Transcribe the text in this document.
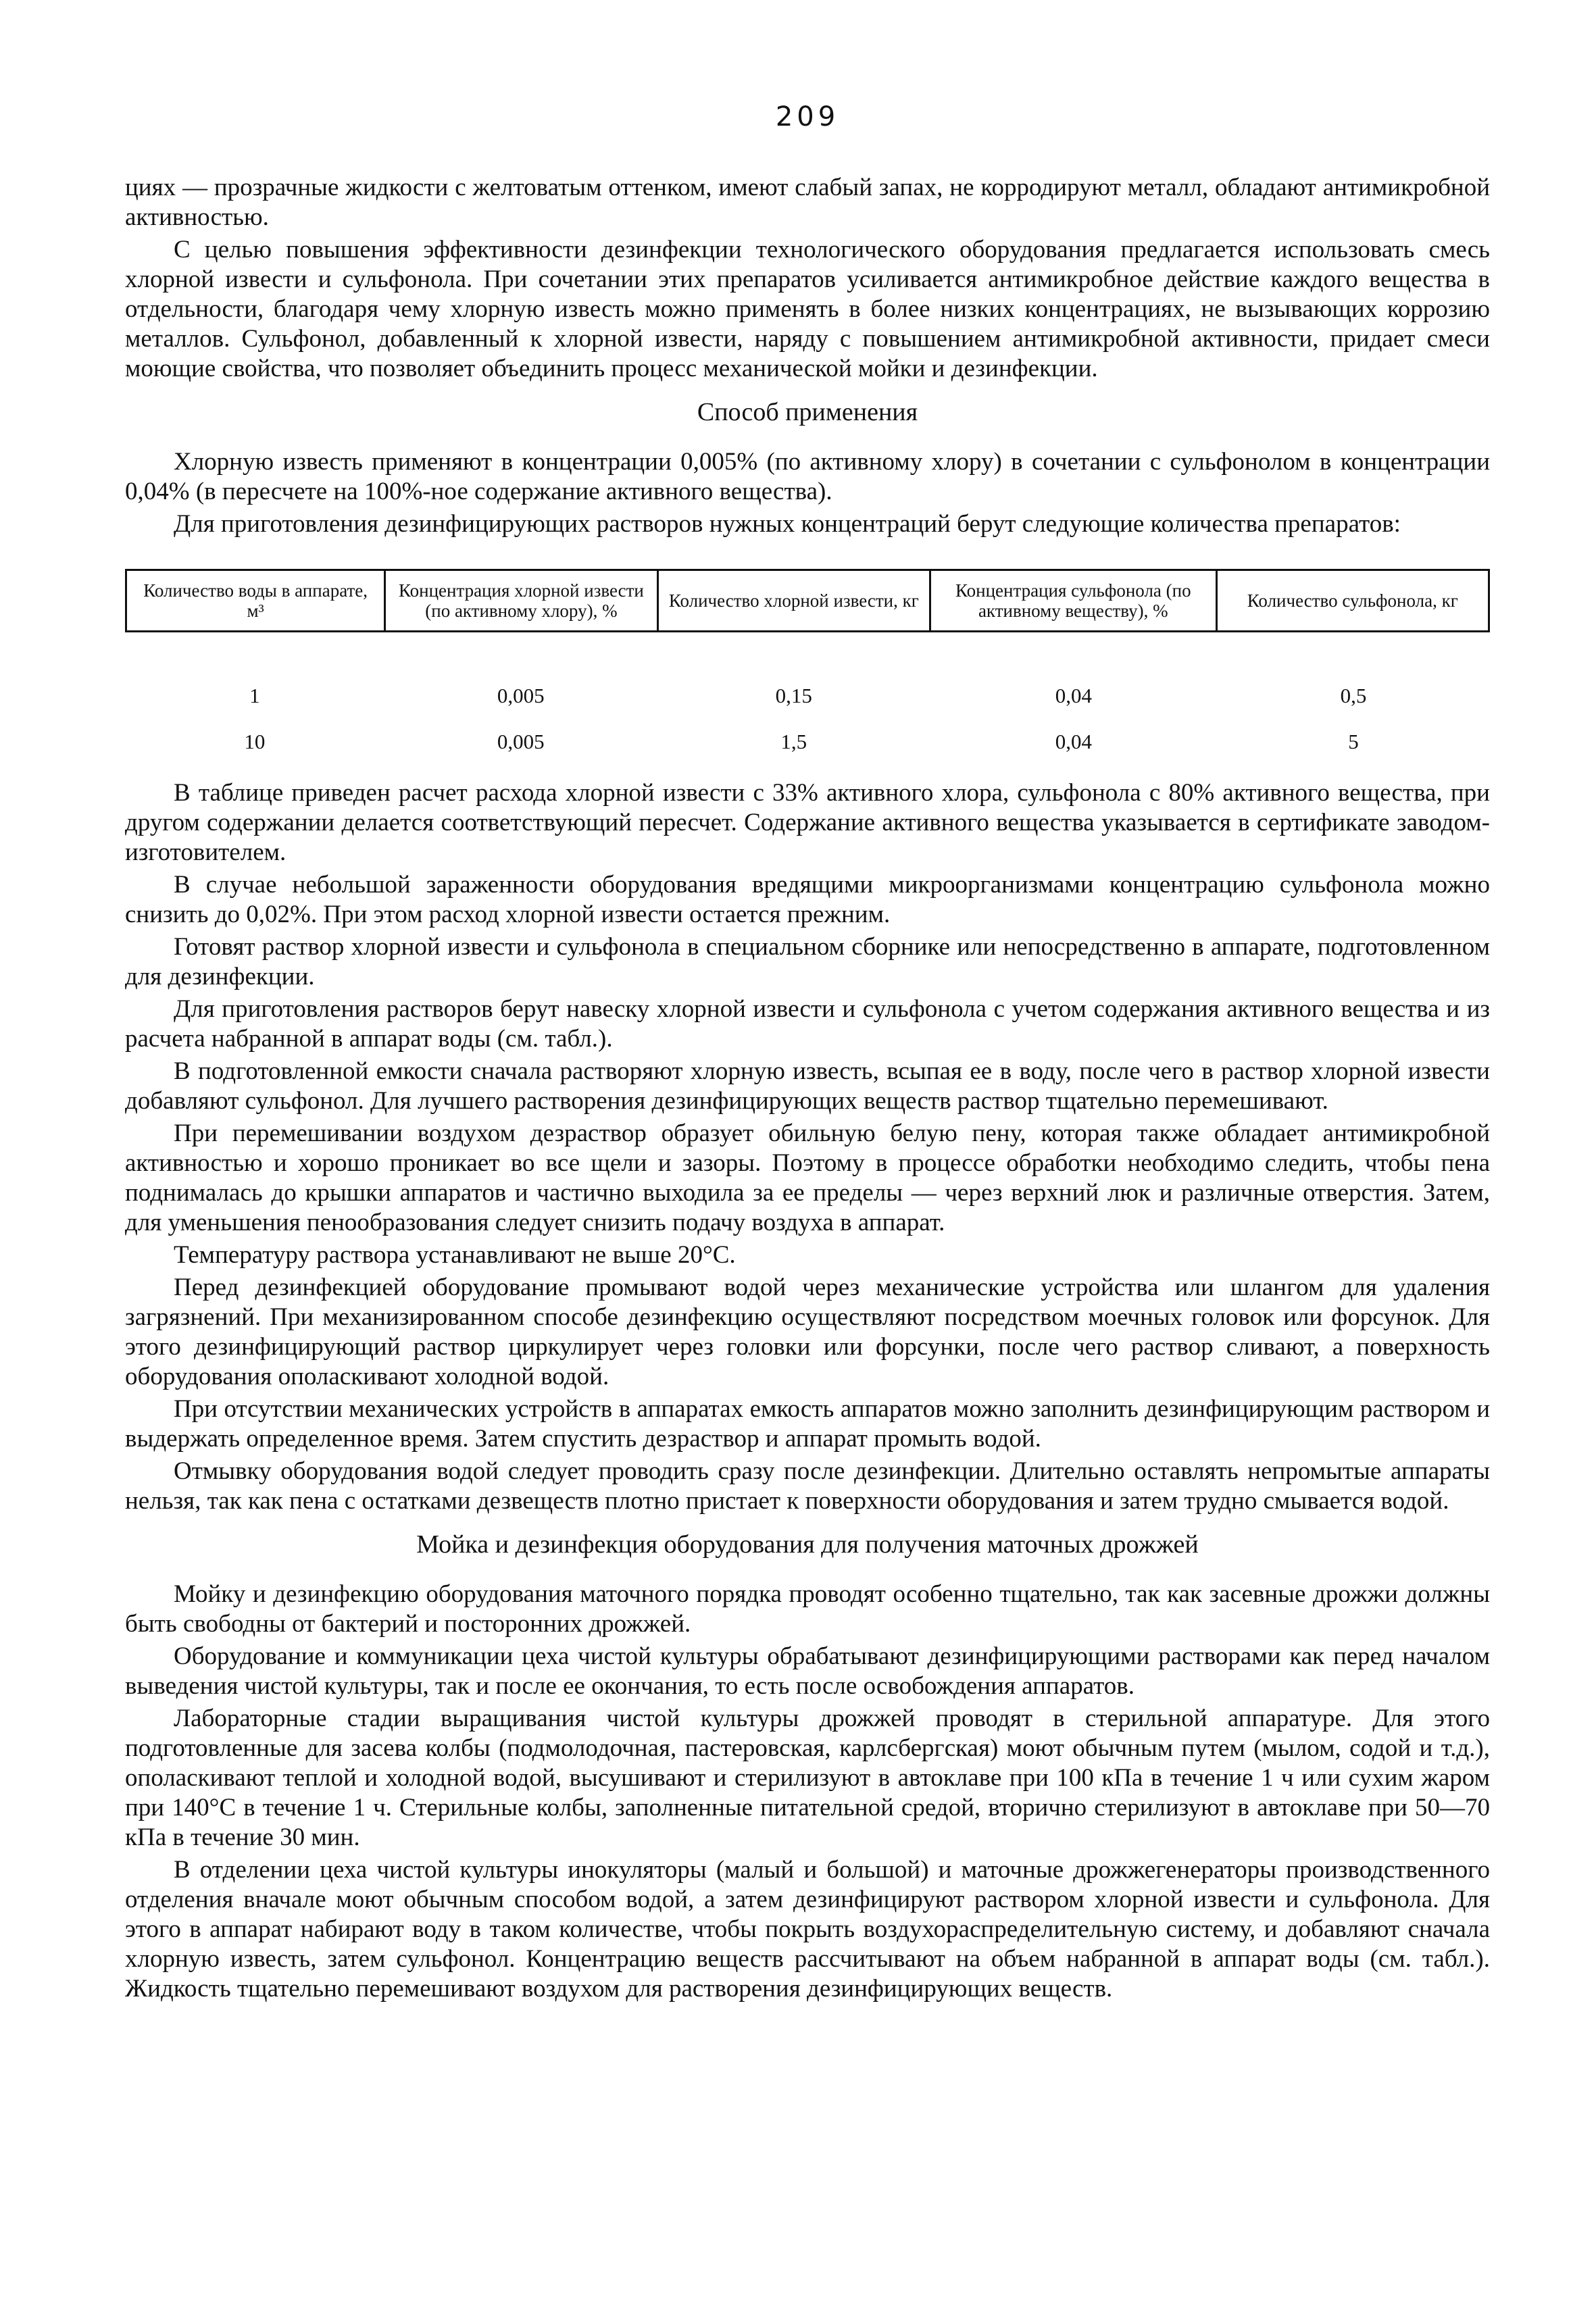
209

циях — прозрачные жидкости с желтоватым оттенком, имеют слабый запах, не корродируют металл, обладают антимикробной активностью.

С целью повышения эффективности дезинфекции технологического оборудования предлагается использовать смесь хлорной извести и сульфонола. При сочетании этих препаратов усиливается антимикробное действие каждого вещества в отдельности, благодаря чему хлорную известь можно применять в более низких концентрациях, не вызывающих коррозию металлов. Сульфонол, добавленный к хлорной извести, наряду с повышением антимикробной активности, придает смеси моющие свойства, что позволяет объединить процесс механической мойки и дезинфекции.

Способ применения

Хлорную известь применяют в концентрации 0,005% (по активному хлору) в сочетании с сульфонолом в концентрации 0,04% (в пересчете на 100%-ное содержание активного вещества).

Для приготовления дезинфицирующих растворов нужных концентраций берут следующие количества препаратов:

Количество воды в аппарате, м³	Концентрация хлорной извести (по активному хлору), %	Количество хлорной извести, кг	Концентрация сульфонола (по активному веществу), %	Количество сульфонола, кг
1	0,005	0,15	0,04	0,5
10	0,005	1,5	0,04	5

В таблице приведен расчет расхода хлорной извести с 33% активного хлора, сульфонола с 80% активного вещества, при другом содержании делается соответствующий пересчет. Содержание активного вещества указывается в сертификате заводом-изготовителем.

В случае небольшой зараженности оборудования вредящими микроорганизмами концентрацию сульфонола можно снизить до 0,02%. При этом расход хлорной извести остается прежним.

Готовят раствор хлорной извести и сульфонола в специальном сборнике или непосредственно в аппарате, подготовленном для дезинфекции.

Для приготовления растворов берут навеску хлорной извести и сульфонола с учетом содержания активного вещества и из расчета набранной в аппарат воды (см. табл.).

В подготовленной емкости сначала растворяют хлорную известь, всыпая ее в воду, после чего в раствор хлорной извести добавляют сульфонол. Для лучшего растворения дезинфицирующих веществ раствор тщательно перемешивают.

При перемешивании воздухом дезраствор образует обильную белую пену, которая также обладает антимикробной активностью и хорошо проникает во все щели и зазоры. Поэтому в процессе обработки необходимо следить, чтобы пена поднималась до крышки аппаратов и частично выходила за ее пределы — через верхний люк и различные отверстия. Затем, для уменьшения пенообразования следует снизить подачу воздуха в аппарат.

Температуру раствора устанавливают не выше 20°С.

Перед дезинфекцией оборудование промывают водой через механические устройства или шлангом для удаления загрязнений. При механизированном способе дезинфекцию осуществляют посредством моечных головок или форсунок. Для этого дезинфицирующий раствор циркулирует через головки или форсунки, после чего раствор сливают, а поверхность оборудования ополаскивают холодной водой.

При отсутствии механических устройств в аппаратах емкость аппаратов можно заполнить дезинфицирующим раствором и выдержать определенное время. Затем спустить дезраствор и аппарат промыть водой.

Отмывку оборудования водой следует проводить сразу после дезинфекции. Длительно оставлять непромытые аппараты нельзя, так как пена с остатками дезвеществ плотно пристает к поверхности оборудования и затем трудно смывается водой.

Мойка и дезинфекция оборудования для получения маточных дрожжей

Мойку и дезинфекцию оборудования маточного порядка проводят особенно тщательно, так как засевные дрожжи должны быть свободны от бактерий и посторонних дрожжей.

Оборудование и коммуникации цеха чистой культуры обрабатывают дезинфицирующими растворами как перед началом выведения чистой культуры, так и после ее окончания, то есть после освобождения аппаратов.

Лабораторные стадии выращивания чистой культуры дрожжей проводят в стерильной аппаратуре. Для этого подготовленные для засева колбы (подмолодочная, пастеровская, карлсбергская) моют обычным путем (мылом, содой и т.д.), ополаскивают теплой и холодной водой, высушивают и стерилизуют в автоклаве при 100 кПа в течение 1 ч или сухим жаром при 140°С в течение 1 ч. Стерильные колбы, заполненные питательной средой, вторично стерилизуют в автоклаве при 50—70 кПа в течение 30 мин.

В отделении цеха чистой культуры инокуляторы (малый и большой) и маточные дрожжегенераторы производственного отделения вначале моют обычным способом водой, а затем дезинфицируют раствором хлорной извести и сульфонола. Для этого в аппарат набирают воду в таком количестве, чтобы покрыть воздухораспределительную систему, и добавляют сначала хлорную известь, затем сульфонол. Концентрацию веществ рассчитывают на объем набранной в аппарат воды (см. табл.). Жидкость тщательно перемешивают воздухом для растворения дезинфицирующих веществ.
